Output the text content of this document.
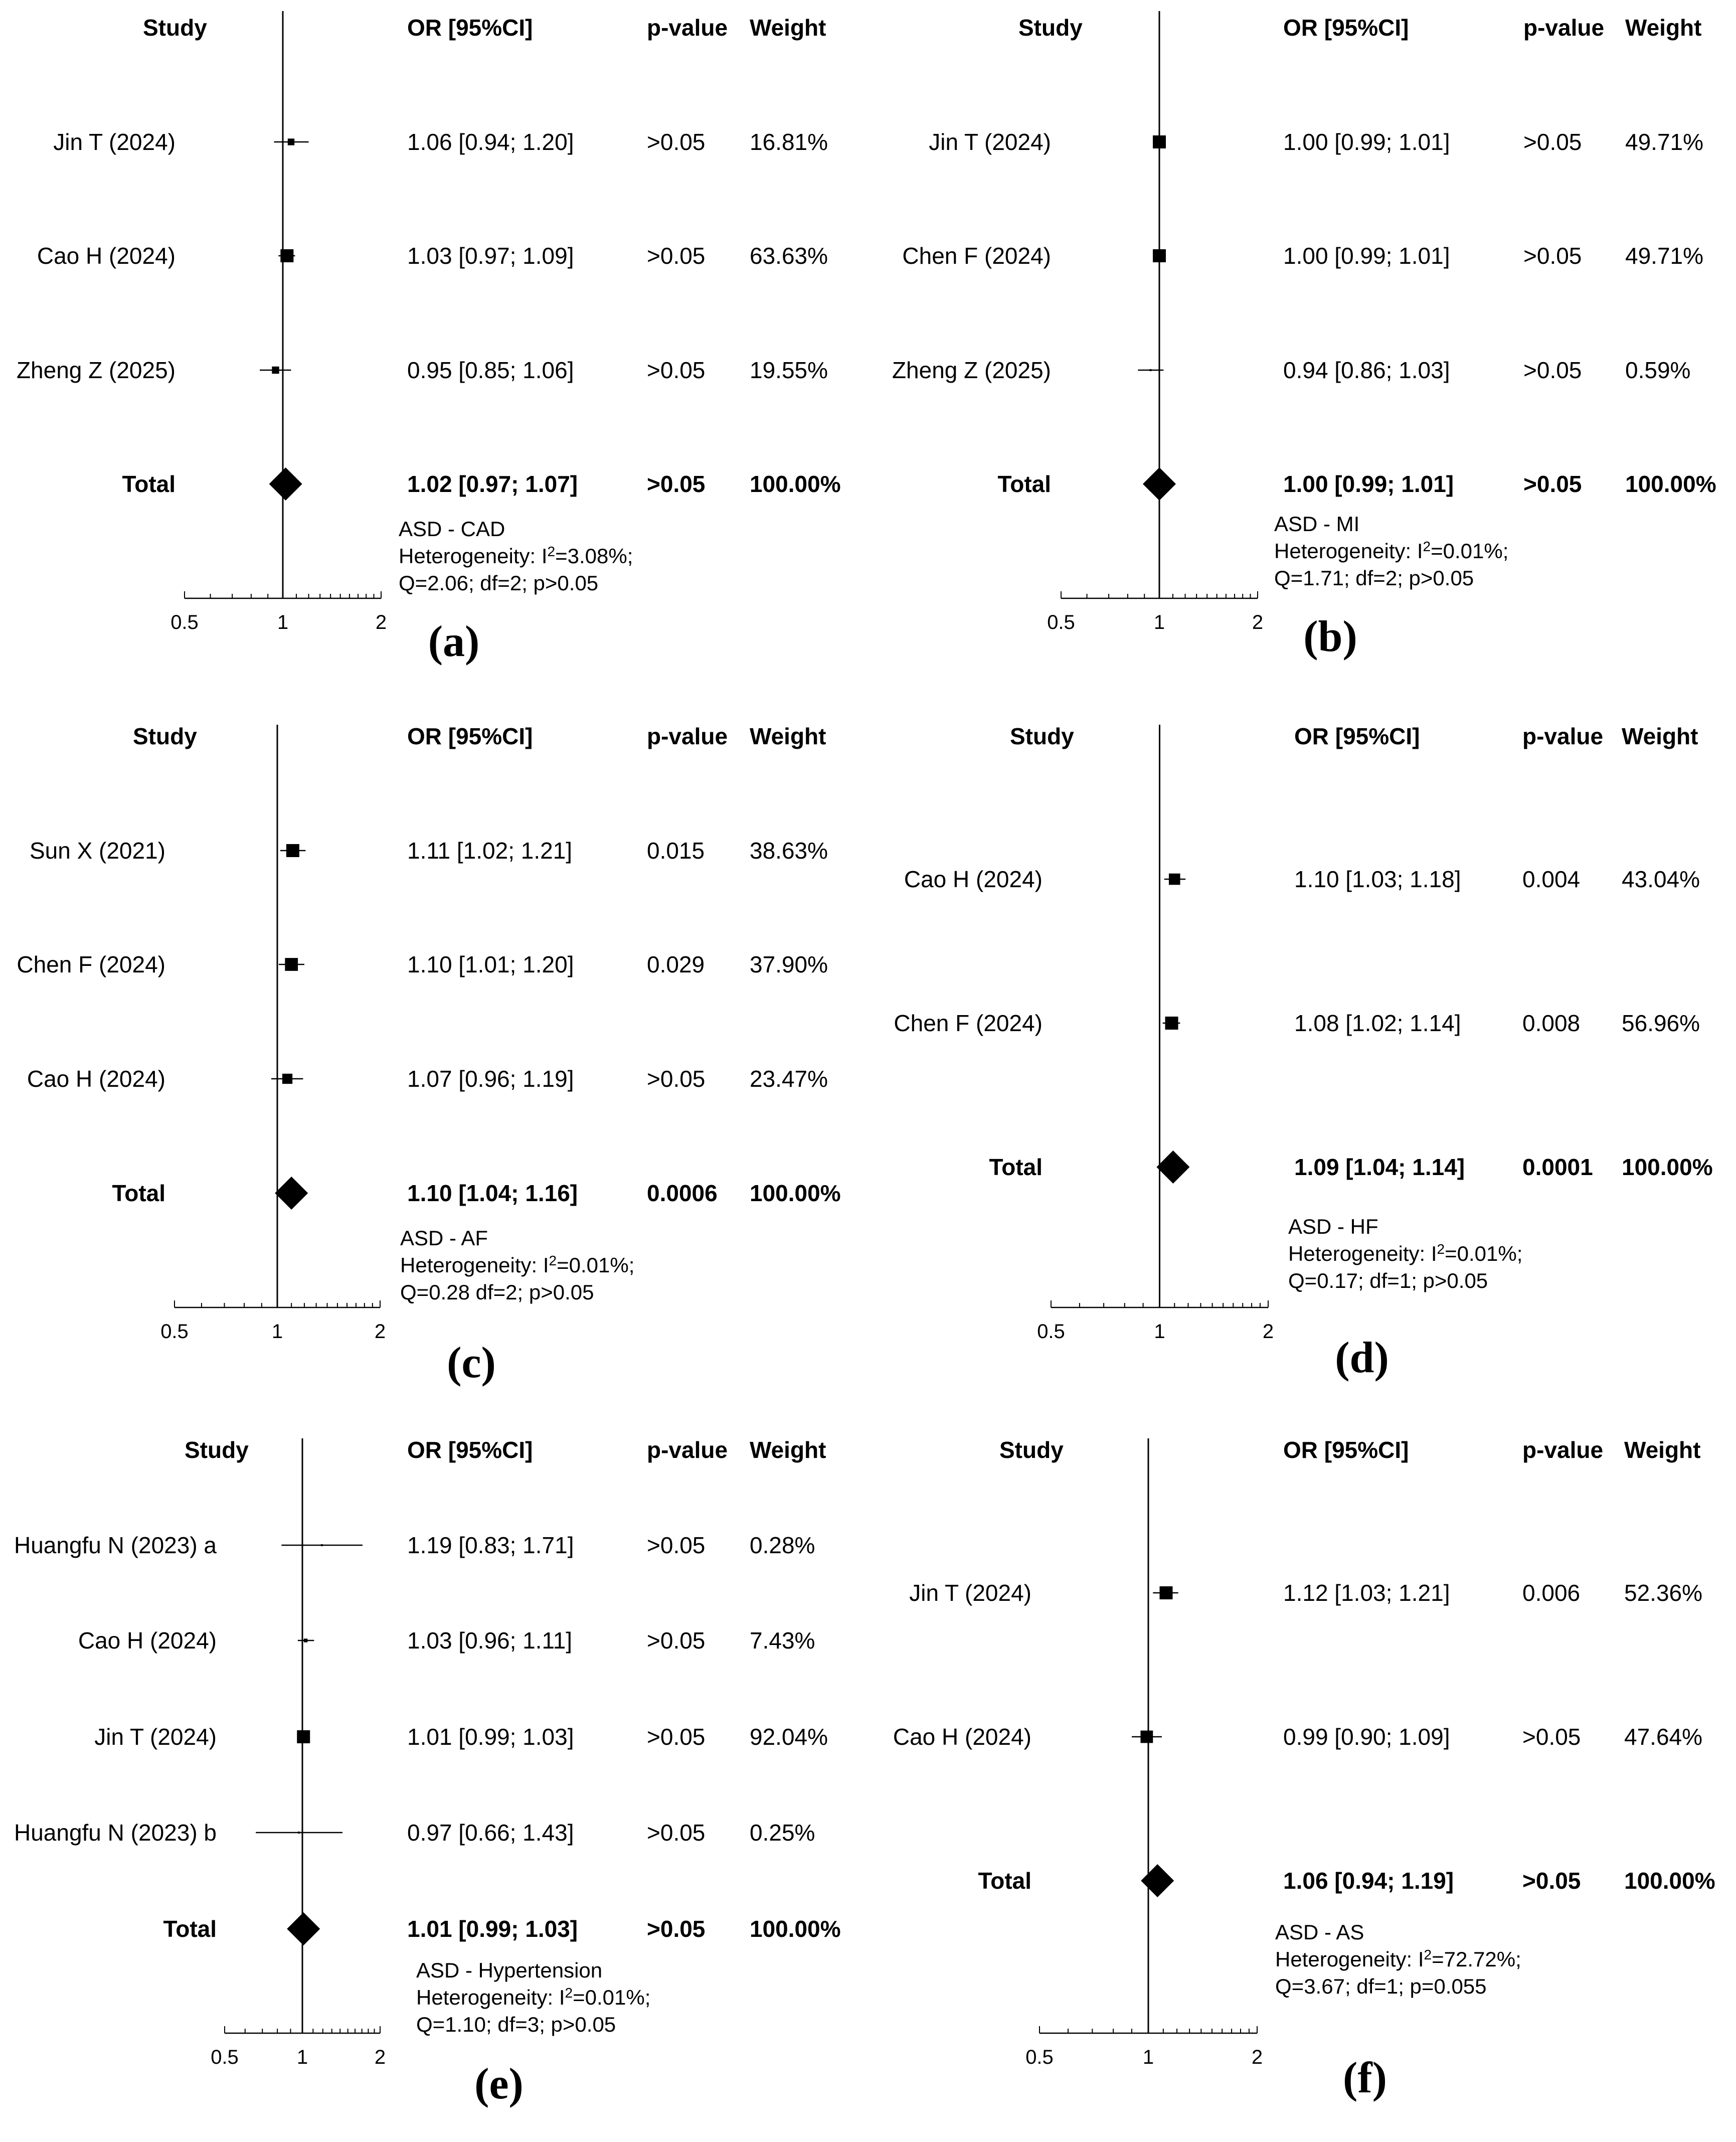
0.5	1	2
Study	OR [95%CI]	p-value Weight
Jin T (2024)	1.06 [0.94; 1.20]	>0.05 16.81%
Cao H (2024)	1.03 [0.97; 1.09]	>0.05 63.63%
Zheng Z (2025)	0.95 [0.85; 1.06]	>0.05 19.55%
Total	1.02 [0.97; 1.07]	>0.05 100.00%
ASD - CAD
Heterogeneity: $I^2=3.08\%$;
Q=2.06; df=2; p>0.05
(a)	0.5	1	2
Study	OR [95%CI]	p-value Weight
Jin T (2024)	1.00 [0.99; 1.01]	>0.05 49.71%
Chen F (2024)	1.00 [0.99; 1.01]	>0.05 49.71%
Zheng Z (2025)	0.94 [0.86; 1.03]	>0.05 0.59%
Total	1.00 [0.99; 1.01]	>0.05 100.00%
ASD - MI
Heterogeneity: $I^2=0.01\%$;
Q=1.71; df=2; p>0.05
(b)
0.5	1	2
Study	OR [95%CI]	p-value Weight
Sun X (2021)	1.11 [1.02; 1.21]	0.015 38.63%
Chen F (2024)	1.10 [1.01; 1.20]	0.029 37.90%
Cao H (2024)	1.07 [0.96; 1.19]	>0.05 23.47%
Total	1.10 [1.04; 1.16]	0.0006 100.00%
ASD - AF
Heterogeneity: $I^2=0.01\%$;
Q=0.28 df=2; p>0.05
(c)
0.5	1	2
Study	OR [95%CI]	p-value Weight
Cao H (2024)	1.10 [1.03; 1.18]	0.004 43.04%
Chen F (2024)	1.08 [1.02; 1.14]	0.008 56.96%
Total	1.09 [1.04; 1.14] 0.0001 100.00%
ASD - HF
Heterogeneity: $I^2=0.01\%$;
Q=0.17; df=1; p>0.05
(d)
0.5	1	2
Study	OR [95%CI]	p-value Weight
Huangfu N (2023) a	1.19 [0.83; 1.71]	>0.05 0.28%
Cao H (2024)	1.03 [0.96; 1.11]	>0.05 7.43%
Jin T (2024)	1.01 [0.99; 1.03]	>0.05 92.04%
Huangfu N (2023) b	0.97 [0.66; 1.43]	>0.05 0.25%
Total	1.01 [0.99; 1.03]	>0.05 100.00%
ASD - Hypertension
Heterogeneity: $I^2=0.01\%$;
Q=1.10; df=3; p>0.05
(e)
0.5	1	2
Study	OR [95%CI]	p-value Weight
Jin T (2024)	1.12 [1.03; 1.21]	0.006 52.36%
Cao H (2024)	0.99 [0.90; 1.09]	>0.05 47.64%
Total	1.06 [0.94; 1.19]	>0.05 100.00%
ASD - AS
Heterogeneity: $I^2=72.72\%$;
Q=3.67; df=1; p=0.055
(f)
